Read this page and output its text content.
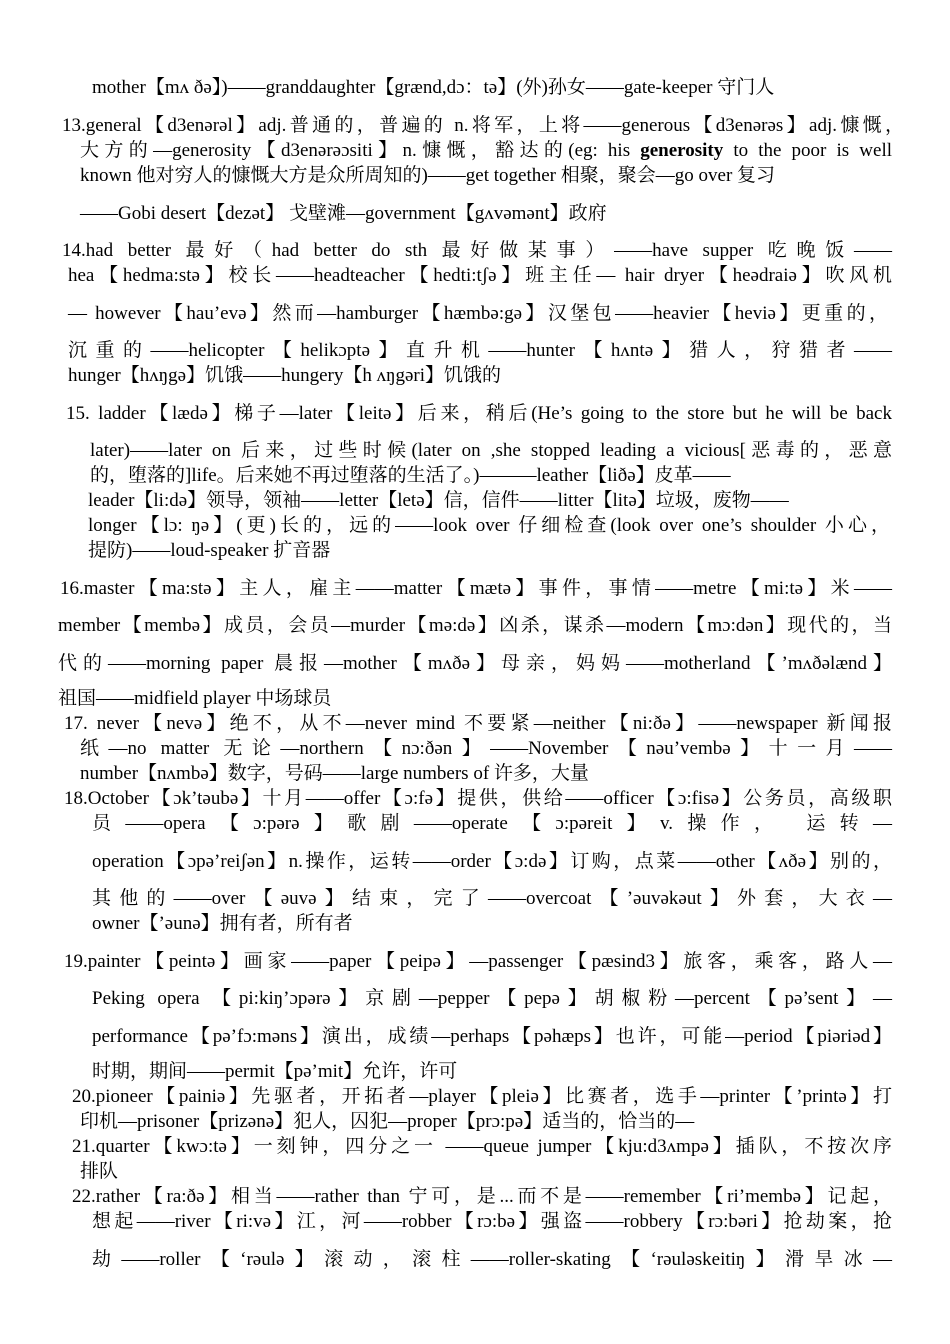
mother【mʌ ðə】)——granddaughter【grænd,dɔ：tə】(外)孙女——gate-keeper 守门人
13.general【d3enərəl】adj.普通的，普遍的 n.将军，上将——generous【d3enərəs】adj.慷慨，
大方的—generosity【d3enərəɔsiti】n.慷慨，豁达的(eg: his generosity to the poor is well
known 他对穷人的慷慨大方是众所周知的)——get together 相聚，聚会—go over 复习
——Gobi desert【dezət】 戈壁滩—government【gʌvəmənt】政府
14.had better 最好（had better do sth 最好做某事）——have supper 吃晚饭——
hea【hedma:stə】校长——headteacher【hedti:tʃə】班主任— hair dryer【heədraiə】吹风机
— however【hau’evə】然而—hamburger【hæmbə:gə】汉堡包——heavier【heviə】更重的，
沉重的——helicopter【helikɔptə】直升机——hunter【hʌntə】猎人，狩猎者——
hunger【hʌŋgə】饥饿——hungery【h ʌŋgəri】饥饿的
15. ladder【lædə】梯子—later【leitə】后来，稍后(He’s going to the store but he will be back
later)——later on 后来，过些时候(later on ,she stopped leading a vicious[恶毒的，恶意
的，堕落的]life。后来她不再过堕落的生活了。)———leather【liðə】皮革——
leader【li:də】领导，领袖——letter【letə】信，信件——litter【litə】垃圾，废物——
longer【lɔ: ŋə】(更)长的，远的——look over 仔细检查(look over one’s shoulder 小心，
提防)——loud-speaker 扩音器
16.master【ma:stə】主人，雇主——matter【mætə】事件，事情——metre【mi:tə】米——
member【membə】成员，会员—murder【mə:də】凶杀，谋杀—modern【mɔ:dən】现代的，当
代的——morning paper 晨报—mother【mʌðə】母亲，妈妈——motherland【’mʌðəlænd】
祖国——midfield player 中场球员
17. never【nevə】绝不，从不—never mind 不要紧—neither【ni:ðə】——newspaper 新闻报
纸—no matter 无论—northern【nɔ:ðən】——November【nəu’vembə】十一月——
number【nʌmbə】数字，号码——large numbers of 许多，大量
18.October【ɔk’təubə】十月——offer【ɔ:fə】提供，供给——officer【ɔ:fisə】公务员，高级职
员——opera【ɔ:pərə】歌剧——operate【ɔ:pəreit】v.操作， 运转—
operation【ɔpə’reiʃən】n.操作，运转——order【ɔ:də】订购，点菜——other【ʌðə】别的，
其他的——over【əuvə】结束，完了——overcoat【’əuvəkəut】外套，大衣—
owner【’əunə】拥有者，所有者
19.painter【peintə】画家——paper【peipə】—passenger【pæsind3】旅客，乘客，路人—
Peking opera 【pi:kiŋ’ɔpərə】京剧—pepper【pepə】胡椒粉—percent【pə’sent】—
performance【pə’fɔ:məns】演出，成绩—perhaps【pəhæps】也许，可能—period【piəriəd】
时期，期间——permit【pə’mit】允许，许可
20.pioneer【painiə】先驱者，开拓者—player【pleiə】比赛者，选手—printer【’printə】打
印机—prisoner【prizənə】犯人，囚犯—proper【prɔ:pə】适当的，恰当的—
21.quarter【kwɔ:tə】一刻钟，四分之一 ——queue jumper【kju:d3ʌmpə】插队，不按次序
排队
22.rather【ra:ðə】相当——rather than 宁可，是...而不是——remember【ri’membə】记起，
想起——river【ri:və】江，河——robber【rɔ:bə】强盗——robbery【rɔ:bəri】抢劫案，抢
劫——roller【‘rəulə】滚动，滚柱——roller-skating【‘rəuləskeitiŋ】滑旱冰—
